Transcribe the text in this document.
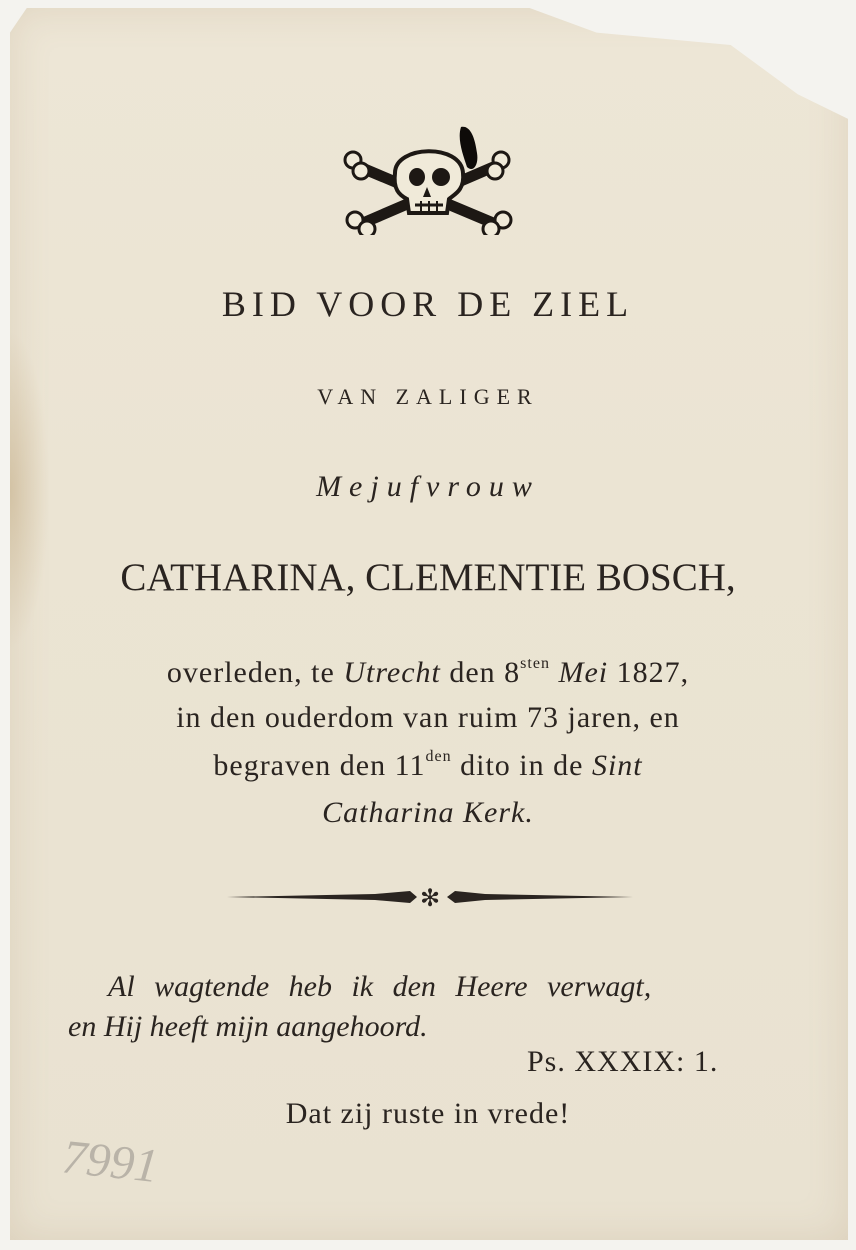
BID VOOR DE ZIEL
VAN ZALIGER
Mejufvrouw
CATHARINA, CLEMENTIE BOSCH,
overleden, te Utrecht den $8^{sten}$ Mei 1827,
in den ouderdom van ruim 73 jaren, en
begraven den $11^{den}$ dito in de Sint
Catharina Kerk.
✻
Al wagtende heb ik den Heere verwagt,
en Hij heeft mijn aangehoord.
Ps. XXXIX: 1.
Dat zij ruste in vrede!
7991
